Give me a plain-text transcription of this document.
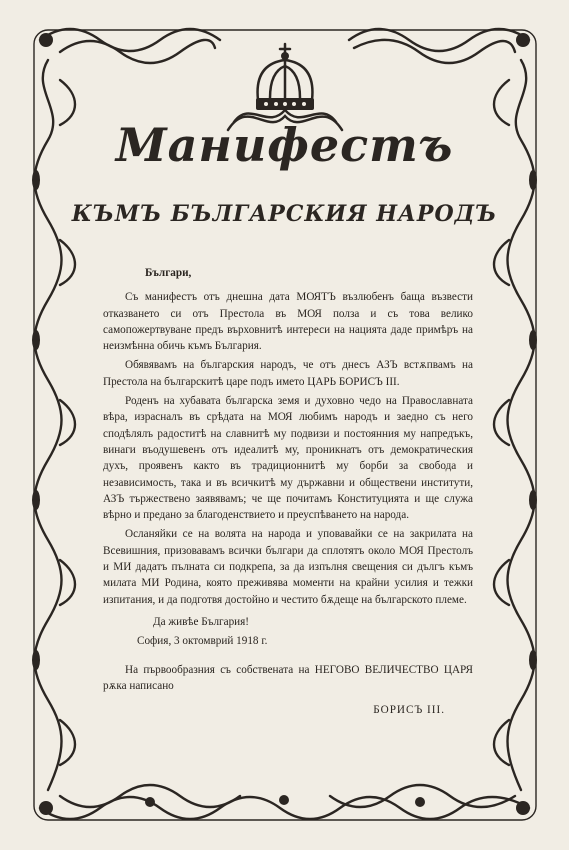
Манифестъ
КЪМЪ БЪЛГАРСКИЯ НАРОДЪ

Българи,

Съ манифестъ отъ днешна дата МОЯТЪ възлюбенъ баща възвести отказването си отъ Престола въ МОЯ полза и съ това велико самопожертвуване предъ върховнитѣ интереси на нацията даде примѣръ на неизмѣнна обичь къмъ България.

Обявявамъ на българския народъ, че отъ днесъ АЗЪ встѫпвамъ на Престола на българскитѣ царе подъ името ЦАРЬ БОРИСЪ III.

Роденъ на хубавата българска земя и духовно чедо на Православната вѣра, израсналъ въ срѣдата на МОЯ любимъ народъ и заедно съ него сподѣлялъ радоститѣ на славнитѣ му подвизи и постоянния му напредъкъ, винаги въодушевенъ отъ идеалитѣ му, проникнатъ отъ демократическия духъ, проявенъ както въ традиционнитѣ му борби за свобода и независимость, така и въ всичкитѣ му държавни и обществени институти, АЗЪ тържествено заявявамъ; че ще почитамъ Конституцията и ще служа вѣрно и предано за благоденствието и преуспѣването на народа.

Осланяйки се на волята на народа и уповавайки се на закрилата на Всевишния, призовавамъ всички българи да сплотятъ около МОЯ Престолъ и МИ дадатъ пълната си подкрепа, за да изпълня свещения си дългъ къмъ милата МИ Родина, която преживява моменти на крайни усилия и тежки изпитания, и да подготвя достойно и честито бѫдеще на българското племе.

Да живѣе България!

София, 3 октомврий 1918 г.

На първообразния съ собствената на НЕГОВО ВЕЛИЧЕСТВО ЦАРЯ рѫка написано

БОРИСЪ III.
